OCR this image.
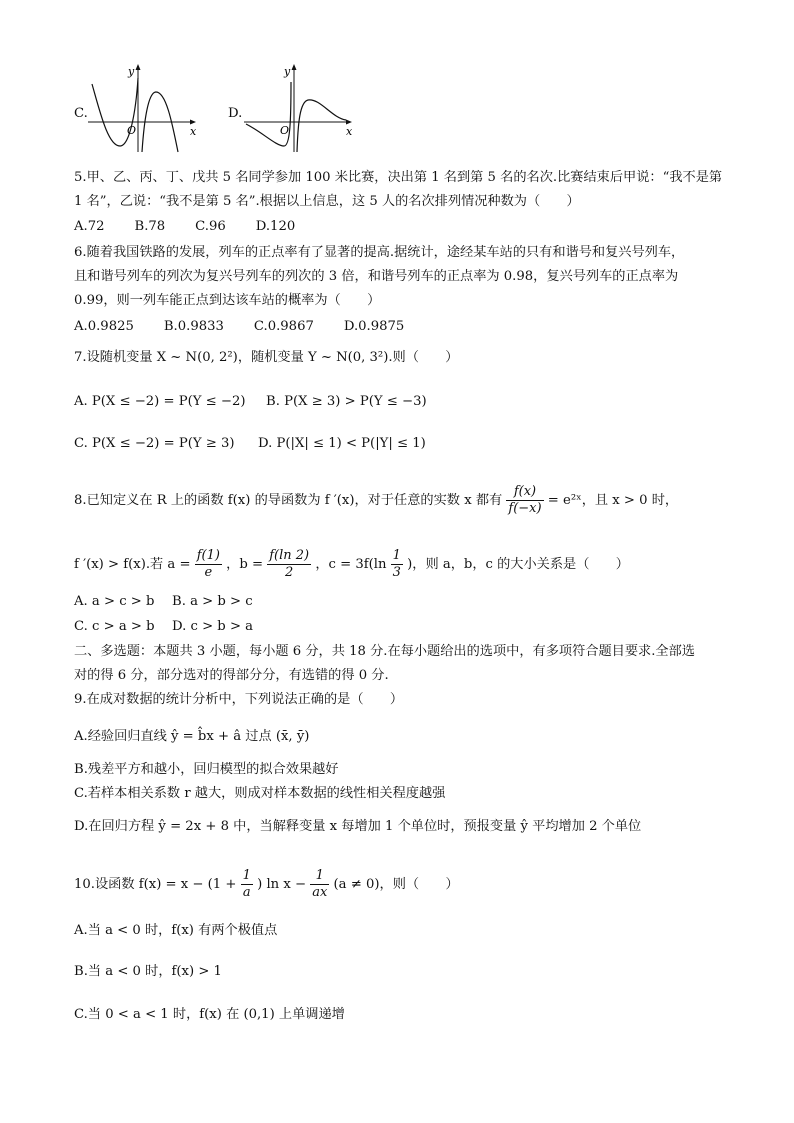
C.
y
x
O
D.
y
x
O
5.甲、乙、丙、丁、戊共 5 名同学参加 100 米比赛，决出第 1 名到第 5 名的名次.比赛结束后甲说：“我不是第
1 名”，乙说：“我不是第 5 名”.根据以上信息，这 5 人的名次排列情况种数为（　　）
A.72 B.78 C.96 D.120
6.随着我国铁路的发展，列车的正点率有了显著的提高.据统计，途经某车站的只有和谐号和复兴号列车，
且和谐号列车的列次为复兴号列车的列次的 3 倍，和谐号列车的正点率为 0.98，复兴号列车的正点率为
0.99，则一列车能正点到达该车站的概率为（　　）
A.0.9825 B.0.9833 C.0.9867 D.0.9875
7.设随机变量 X ~ N(0, 2²)，随机变量 Y ~ N(0, 3²).则（　　）
A. P(X ≤ −2) = P(Y ≤ −2) B. P(X ≥ 3) > P(Y ≤ −3)
C. P(X ≤ −2) = P(Y ≥ 3) D. P(|X| ≤ 1) < P(|Y| ≤ 1)
8.已知定义在 R 上的函数 f(x) 的导函数为 f ′(x)，对于任意的实数 x 都有 $\frac{f(x)}{f(-x)}$ = e²ˣ，且 x > 0 时，
f ′(x) > f(x).若 $a = \frac{f(1)}{e}$ ，$b = \frac{f(\ln 2)}{2}$ ，$c = 3f(\ln \frac{1}{3}$ )，则 a，b，c 的大小关系是（　　）
A. a > c > b B. a > b > c
C. c > a > b D. c > b > a
二、多选题：本题共 3 小题，每小题 6 分，共 18 分.在每小题给出的选项中，有多项符合题目要求.全部选
对的得 6 分，部分选对的得部分分，有选错的得 0 分.
9.在成对数据的统计分析中，下列说法正确的是（　　）
A.经验回归直线 ŷ = b̂x + â 过点 (x̄, ȳ)
B.残差平方和越小，回归模型的拟合效果越好
C.若样本相关系数 r 越大，则成对样本数据的线性相关程度越强
D.在回归方程 ŷ = 2x + 8 中，当解释变量 x 每增加 1 个单位时，预报变量 ŷ 平均增加 2 个单位
10.设函数 $f(x) = x - (1 + \frac{1}{a}$ ) $\ln x - \frac{1}{ax} (a \ne 0)$，则（　　）
A.当 a < 0 时，f(x) 有两个极值点
B.当 a < 0 时，f(x) > 1
C.当 0 < a < 1 时，f(x) 在 (0,1) 上单调递增
